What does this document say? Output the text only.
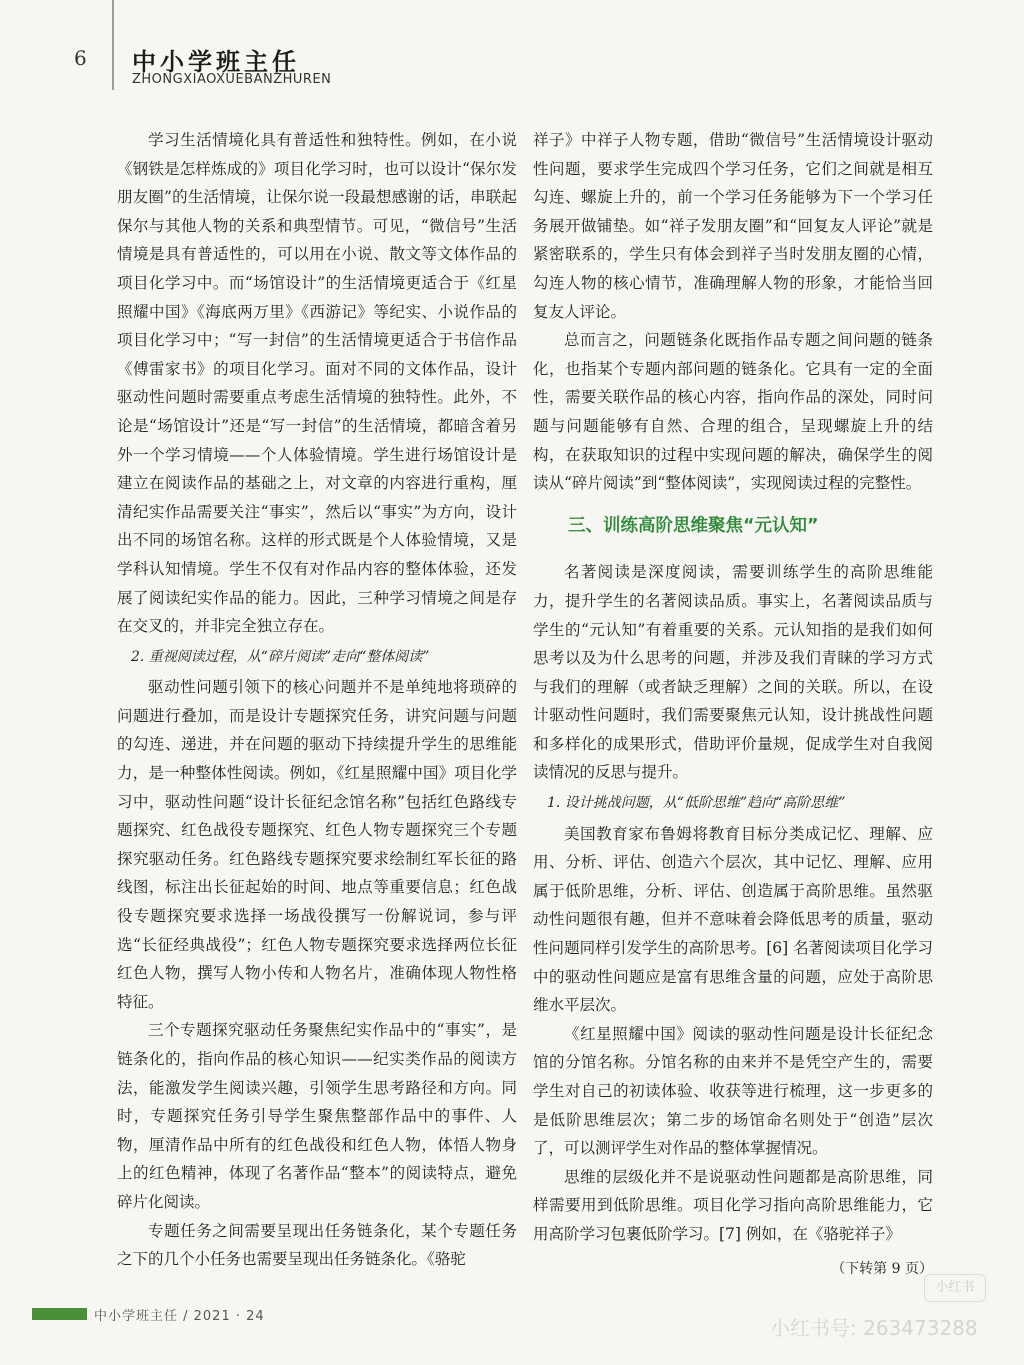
6 中小学班主任
ZHONGXIAOXUEBANZHUREN

学习生活情境化具有普适性和独特性。例如，在小说《钢铁是怎样炼成的》项目化学习时，也可以设计“保尔发朋友圈”的生活情境，让保尔说一段最想感谢的话，串联起保尔与其他人物的关系和典型情节。可见，“微信号”生活情境是具有普适性的，可以用在小说、散文等文体作品的项目化学习中。而“场馆设计”的生活情境更适合于《红星照耀中国》《海底两万里》《西游记》等纪实、小说作品的项目化学习中；“写一封信”的生活情境更适合于书信作品《傅雷家书》的项目化学习。面对不同的文体作品，设计驱动性问题时需要重点考虑生活情境的独特性。此外，不论是“场馆设计”还是“写一封信”的生活情境，都暗含着另外一个学习情境——个人体验情境。学生进行场馆设计是建立在阅读作品的基础之上，对文章的内容进行重构，厘清纪实作品需要关注“事实”，然后以“事实”为方向，设计出不同的场馆名称。这样的形式既是个人体验情境，又是学科认知情境。学生不仅有对作品内容的整体体验，还发展了阅读纪实作品的能力。因此，三种学习情境之间是存在交叉的，并非完全独立存在。

2. 重视阅读过程，从“碎片阅读”走向“整体阅读”

驱动性问题引领下的核心问题并不是单纯地将琐碎的问题进行叠加，而是设计专题探究任务，讲究问题与问题的勾连、递进，并在问题的驱动下持续提升学生的思维能力，是一种整体性阅读。例如，《红星照耀中国》项目化学习中，驱动性问题“设计长征纪念馆名称”包括红色路线专题探究、红色战役专题探究、红色人物专题探究三个专题探究驱动任务。红色路线专题探究要求绘制红军长征的路线图，标注出长征起始的时间、地点等重要信息；红色战役专题探究要求选择一场战役撰写一份解说词，参与评选“长征经典战役”；红色人物专题探究要求选择两位长征红色人物，撰写人物小传和人物名片，准确体现人物性格特征。

三个专题探究驱动任务聚焦纪实作品中的“事实”，是链条化的，指向作品的核心知识——纪实类作品的阅读方法，能激发学生阅读兴趣，引领学生思考路径和方向。同时，专题探究任务引导学生聚焦整部作品中的事件、人物，厘清作品中所有的红色战役和红色人物，体悟人物身上的红色精神，体现了名著作品“整本”的阅读特点，避免碎片化阅读。

专题任务之间需要呈现出任务链条化，某个专题任务之下的几个小任务也需要呈现出任务链条化。《骆驼

祥子》中祥子人物专题，借助“微信号”生活情境设计驱动性问题，要求学生完成四个学习任务，它们之间就是相互勾连、螺旋上升的，前一个学习任务能够为下一个学习任务展开做铺垫。如“祥子发朋友圈”和“回复友人评论”就是紧密联系的，学生只有体会到祥子当时发朋友圈的心情，勾连人物的核心情节，准确理解人物的形象，才能恰当回复友人评论。

总而言之，问题链条化既指作品专题之间问题的链条化，也指某个专题内部问题的链条化。它具有一定的全面性，需要关联作品的核心内容，指向作品的深处，同时问题与问题能够有自然、合理的组合，呈现螺旋上升的结构，在获取知识的过程中实现问题的解决，确保学生的阅读从“碎片阅读”到“整体阅读”，实现阅读过程的完整性。

三、训练高阶思维聚焦“元认知”

名著阅读是深度阅读，需要训练学生的高阶思维能力，提升学生的名著阅读品质。事实上，名著阅读品质与学生的“元认知”有着重要的关系。元认知指的是我们如何思考以及为什么思考的问题，并涉及我们青睐的学习方式与我们的理解（或者缺乏理解）之间的关联。所以，在设计驱动性问题时，我们需要聚焦元认知，设计挑战性问题和多样化的成果形式，借助评价量规，促成学生对自我阅读情况的反思与提升。

1. 设计挑战问题，从“低阶思维”趋向“高阶思维”

美国教育家布鲁姆将教育目标分类成记忆、理解、应用、分析、评估、创造六个层次，其中记忆、理解、应用属于低阶思维，分析、评估、创造属于高阶思维。虽然驱动性问题很有趣，但并不意味着会降低思考的质量，驱动性问题同样引发学生的高阶思考。[6] 名著阅读项目化学习中的驱动性问题应是富有思维含量的问题，应处于高阶思维水平层次。

《红星照耀中国》阅读的驱动性问题是设计长征纪念馆的分馆名称。分馆名称的由来并不是凭空产生的，需要学生对自己的初读体验、收获等进行梳理，这一步更多的是低阶思维层次；第二步的场馆命名则处于“创造”层次了，可以测评学生对作品的整体掌握情况。

思维的层级化并不是说驱动性问题都是高阶思维，同样需要用到低阶思维。项目化学习指向高阶思维能力，它用高阶学习包裹低阶学习。[7] 例如，在《骆驼祥子》

（下转第 9 页）

中小学班主任 / 2021 · 24
小红书
小红书号: 263473288
